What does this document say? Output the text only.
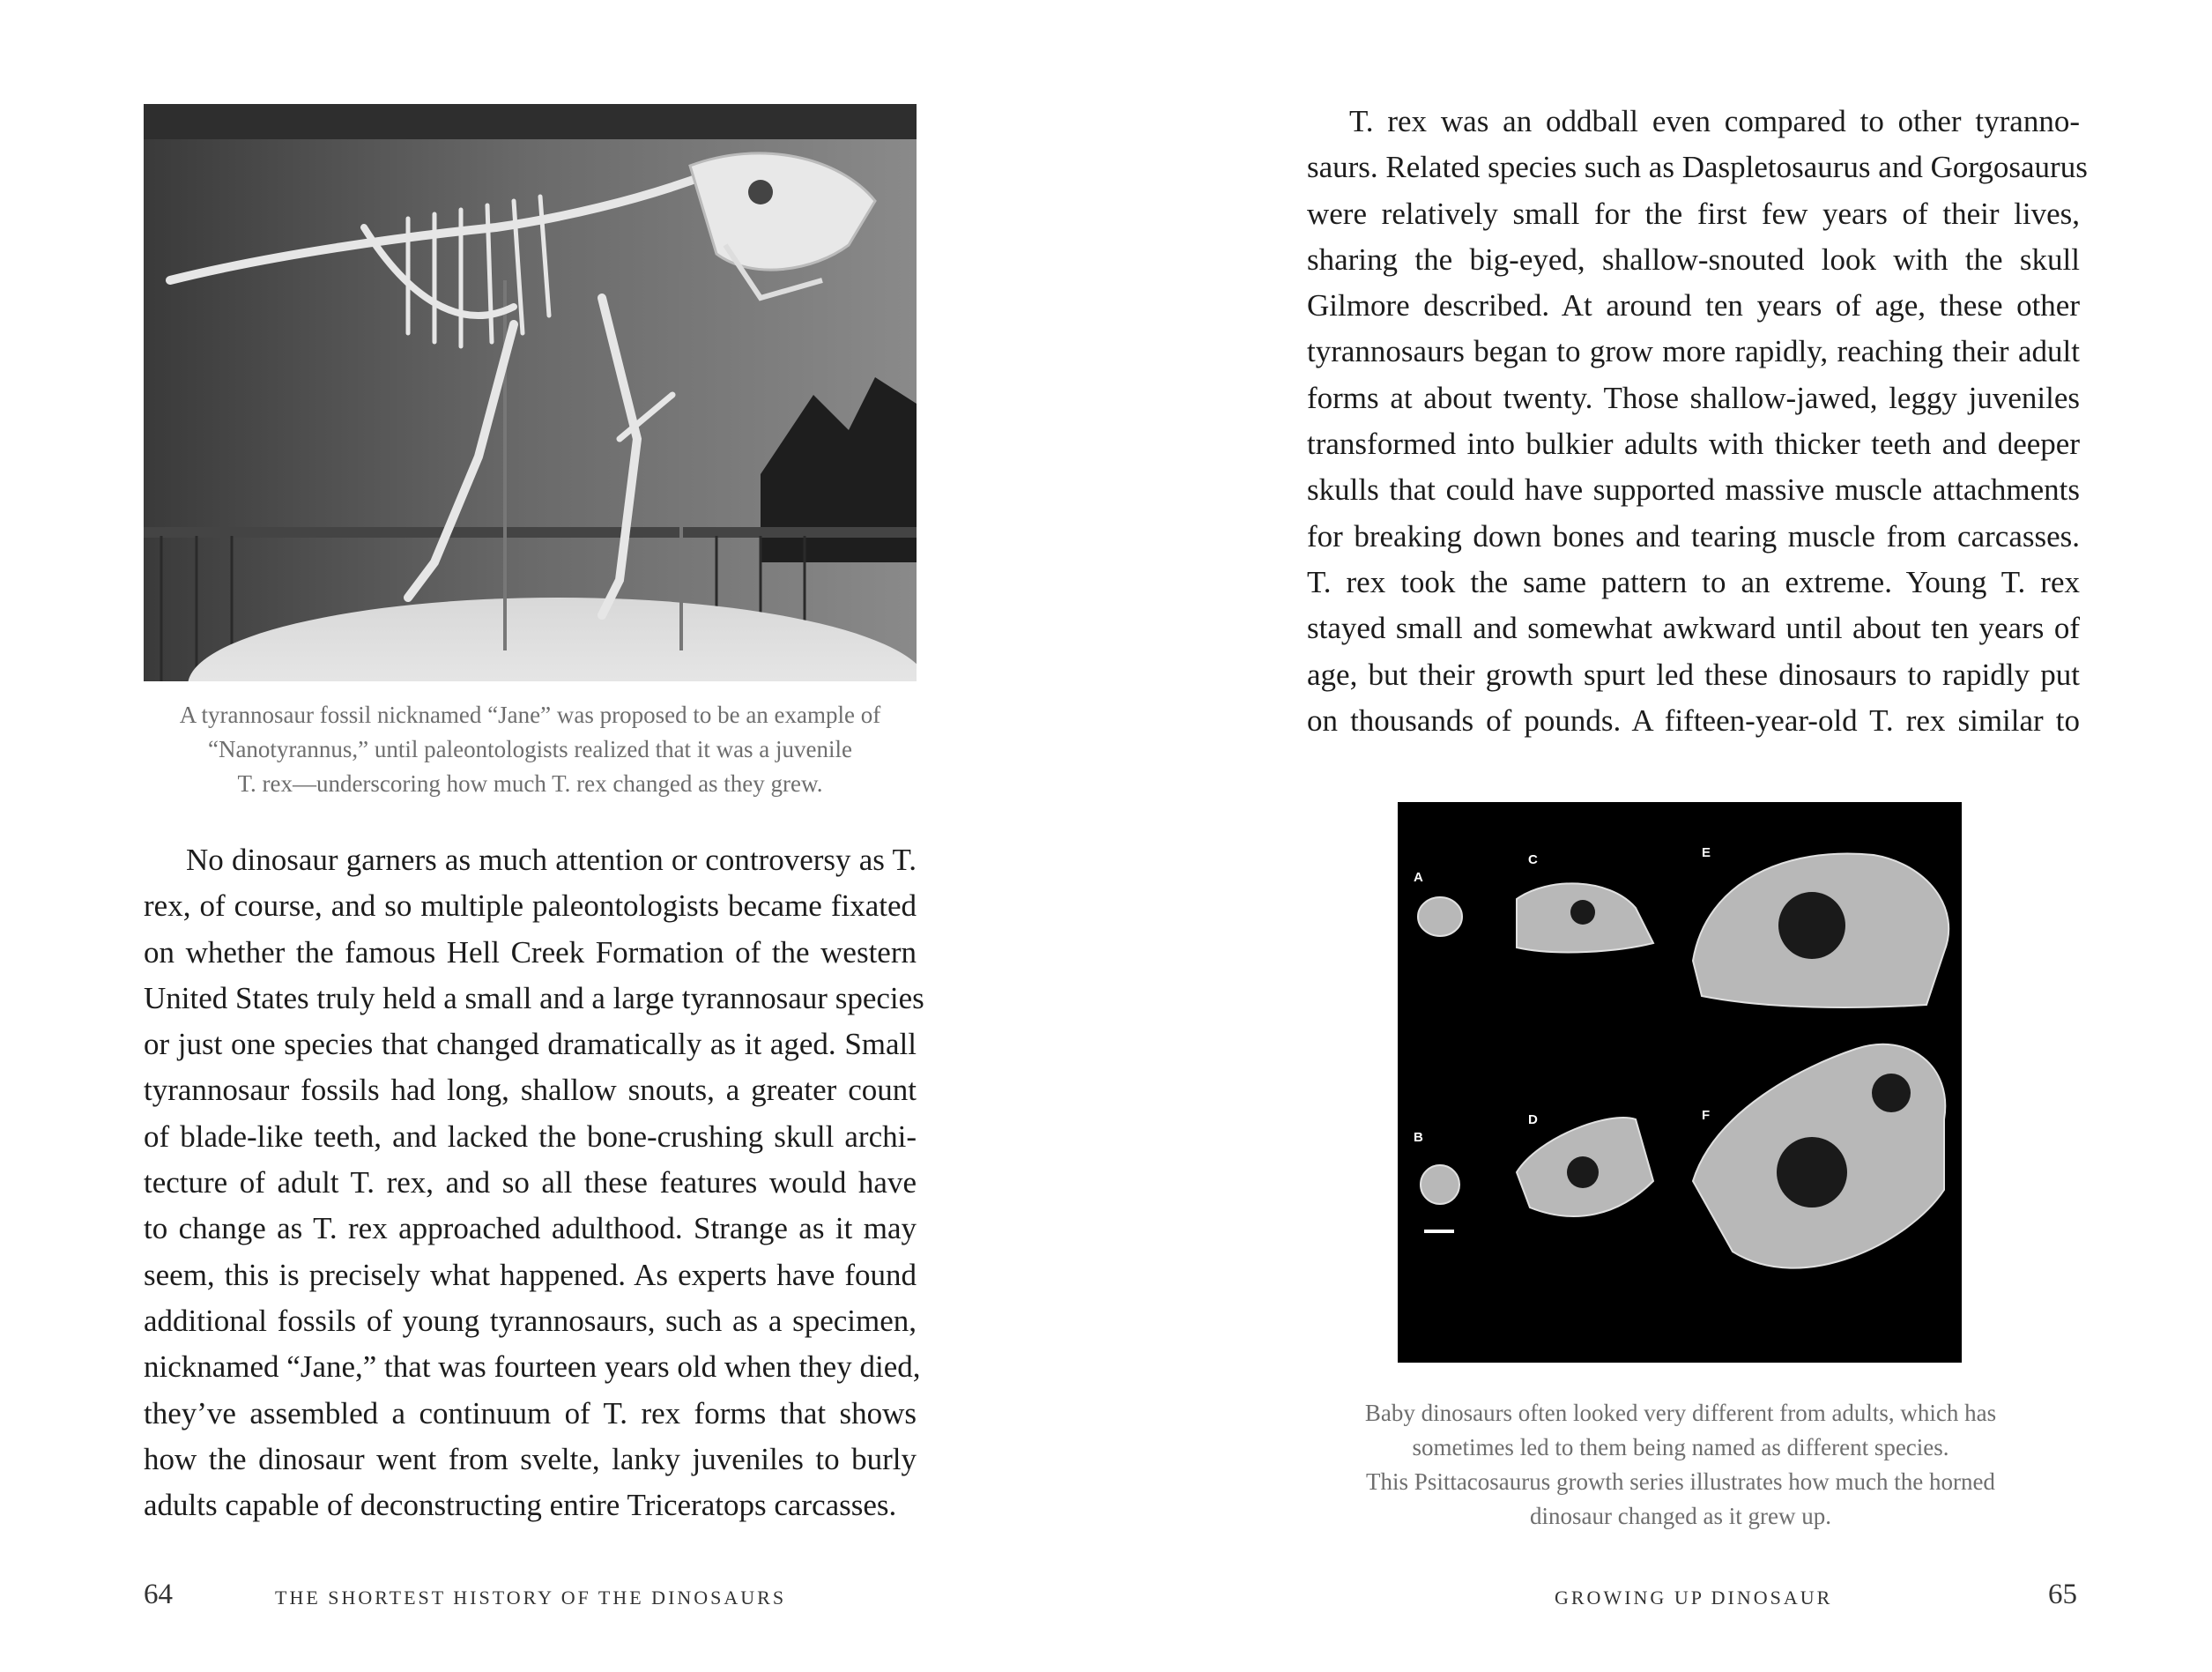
A tyrannosaur fossil nicknamed “Jane” was proposed to be an example of
“Nanotyrannus,” until paleontologists realized that it was a juvenile
T. rex—underscoring how much T. rex changed as they grew.
No dinosaur garners as much attention or controversy as T.
rex, of course, and so multiple paleontologists became fixated
on whether the famous Hell Creek Formation of the western
United States truly held a small and a large tyrannosaur species
or just one species that changed dramatically as it aged. Small
tyrannosaur fossils had long, shallow snouts, a greater count
of blade-like teeth, and lacked the bone-crushing skull archi-
tecture of adult T. rex, and so all these features would have
to change as T. rex approached adulthood. Strange as it may
seem, this is precisely what happened. As experts have found
additional fossils of young tyrannosaurs, such as a specimen,
nicknamed “Jane,” that was fourteen years old when they died,
they’ve assembled a continuum of T. rex forms that shows
how the dinosaur went from svelte, lanky juveniles to burly
adults capable of deconstructing entire Triceratops carcasses.
64	THE SHORTEST HISTORY OF THE DINOSAURS
T. rex was an oddball even compared to other tyranno-
saurs. Related species such as Daspletosaurus and Gorgosaurus
were relatively small for the first few years of their lives,
sharing the big-eyed, shallow-snouted look with the skull
Gilmore described. At around ten years of age, these other
tyrannosaurs began to grow more rapidly, reaching their adult
forms at about twenty. Those shallow-jawed, leggy juveniles
transformed into bulkier adults with thicker teeth and deeper
skulls that could have supported massive muscle attachments
for breaking down bones and tearing muscle from carcasses.
T. rex took the same pattern to an extreme. Young T. rex
stayed small and somewhat awkward until about ten years of
age, but their growth spurt led these dinosaurs to rapidly put
on thousands of pounds. A fifteen-year-old T. rex similar to
A
B
C
D
E
F
Baby dinosaurs often looked very different from adults, which has
sometimes led to them being named as different species.
This Psittacosaurus growth series illustrates how much the horned
dinosaur changed as it grew up.
GROWING UP DINOSAUR	65
